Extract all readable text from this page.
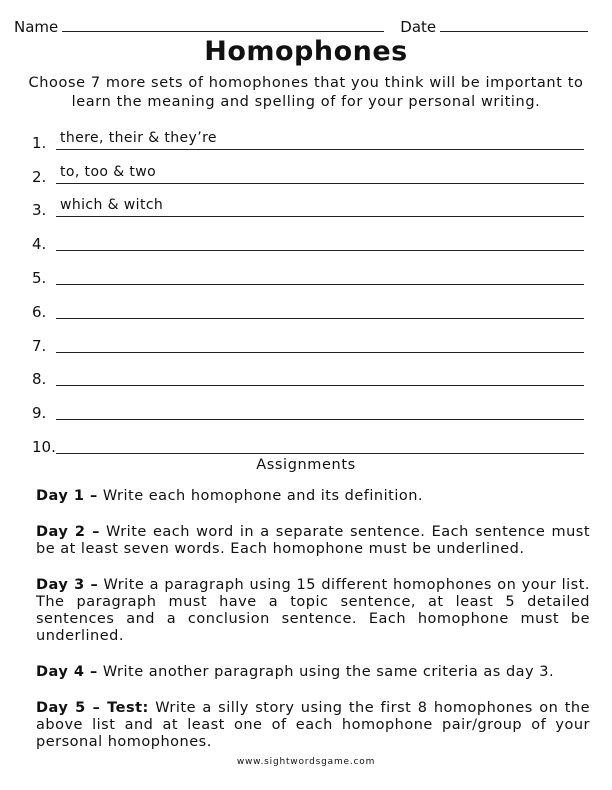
Name	Date
Homophones
Choose 7 more sets of homophones that you think will be important to learn the meaning and spelling of for your personal writing.
1. there, their & they’re
2. to, too & two
3. which & witch
4.
5.
6.
7.
8.
9.
10.
Assignments

Day 1 – Write each homophone and its definition.

Day 2 – Write each word in a separate sentence. Each sentence must be at least seven words. Each homophone must be underlined.

Day 3 – Write a paragraph using 15 different homophones on your list. The paragraph must have a topic sentence, at least 5 detailed sentences and a conclusion sentence. Each homophone must be underlined.

Day 4 – Write another paragraph using the same criteria as day 3.

Day 5 – Test: Write a silly story using the first 8 homophones on the above list and at least one of each homophone pair/group of your personal homophones.

www.sightwordsgame.com
